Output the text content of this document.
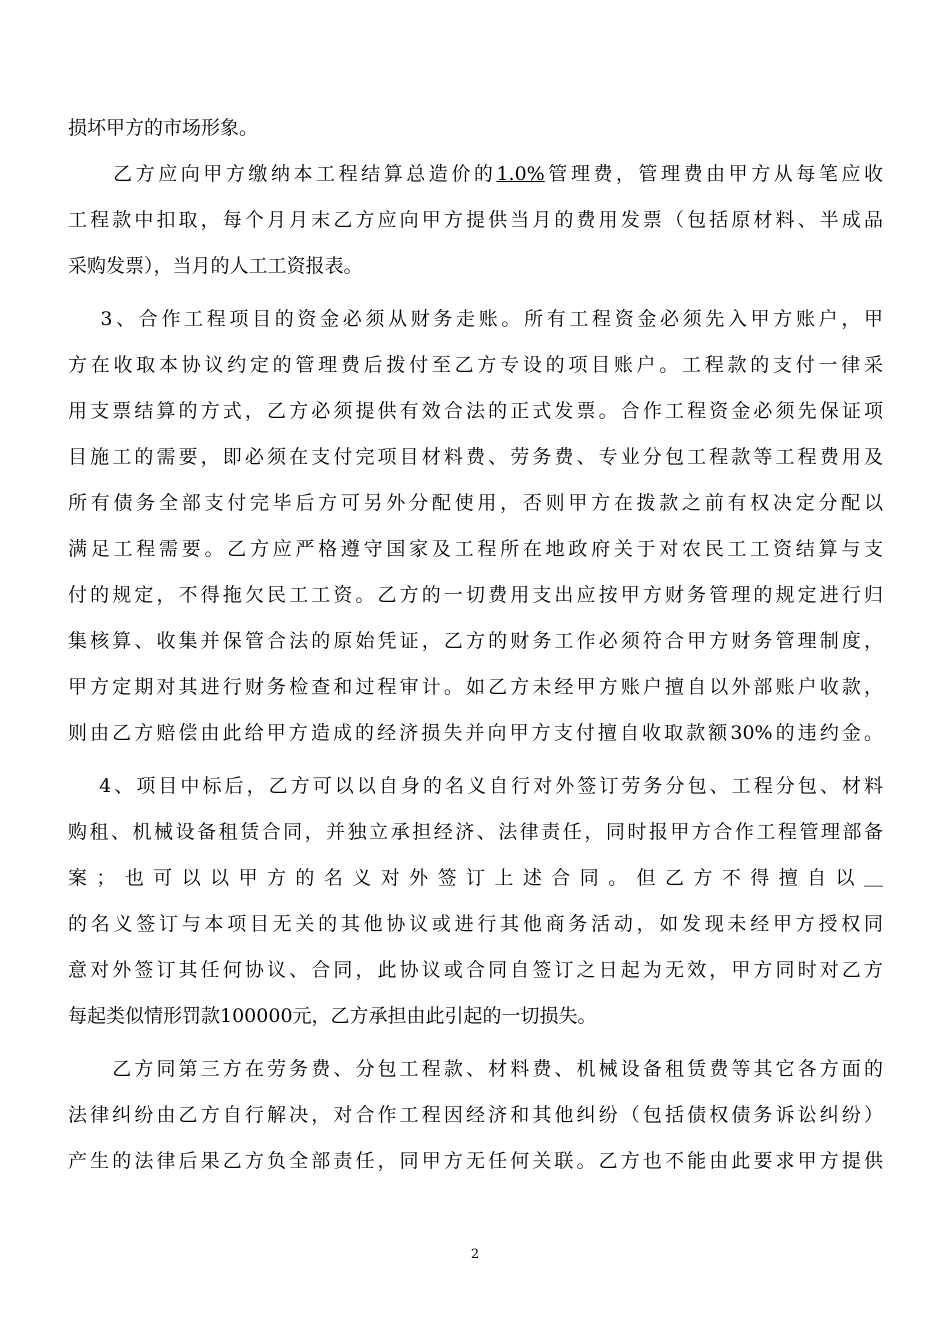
损坏甲方的市场形象。
　　乙方应向甲方缴纳本工程结算总造价的1.0%管理费，管理费由甲方从每笔应收
工程款中扣取，每个月月末乙方应向甲方提供当月的费用发票（包括原材料、半成品
采购发票），当月的人工工资报表。
　 3、合作工程项目的资金必须从财务走账。所有工程资金必须先入甲方账户，甲
方在收取本协议约定的管理费后拨付至乙方专设的项目账户。工程款的支付一律采
用支票结算的方式，乙方必须提供有效合法的正式发票。合作工程资金必须先保证项
目施工的需要，即必须在支付完项目材料费、劳务费、专业分包工程款等工程费用及
所有债务全部支付完毕后方可另外分配使用，否则甲方在拨款之前有权决定分配以
满足工程需要。乙方应严格遵守国家及工程所在地政府关于对农民工工资结算与支
付的规定，不得拖欠民工工资。乙方的一切费用支出应按甲方财务管理的规定进行归
集核算、收集并保管合法的原始凭证，乙方的财务工作必须符合甲方财务管理制度，
甲方定期对其进行财务检查和过程审计。如乙方未经甲方账户擅自以外部账户收款，
则由乙方赔偿由此给甲方造成的经济损失并向甲方支付擅自收取款额30%的违约金。
　 4、项目中标后，乙方可以以自身的名义自行对外签订劳务分包、工程分包、材料
购租、机械设备租赁合同，并独立承担经济、法律责任，同时报甲方合作工程管理部备
案；也可以以甲方的名义对外签订上述合同。但乙方不得擅自以＿
的名义签订与本项目无关的其他协议或进行其他商务活动，如发现未经甲方授权同
意对外签订其任何协议、合同，此协议或合同自签订之日起为无效，甲方同时对乙方
每起类似情形罚款100000元，乙方承担由此引起的一切损失。
　　乙方同第三方在劳务费、分包工程款、材料费、机械设备租赁费等其它各方面的
法律纠纷由乙方自行解决，对合作工程因经济和其他纠纷（包括债权债务诉讼纠纷）
产生的法律后果乙方负全部责任，同甲方无任何关联。乙方也不能由此要求甲方提供
2
